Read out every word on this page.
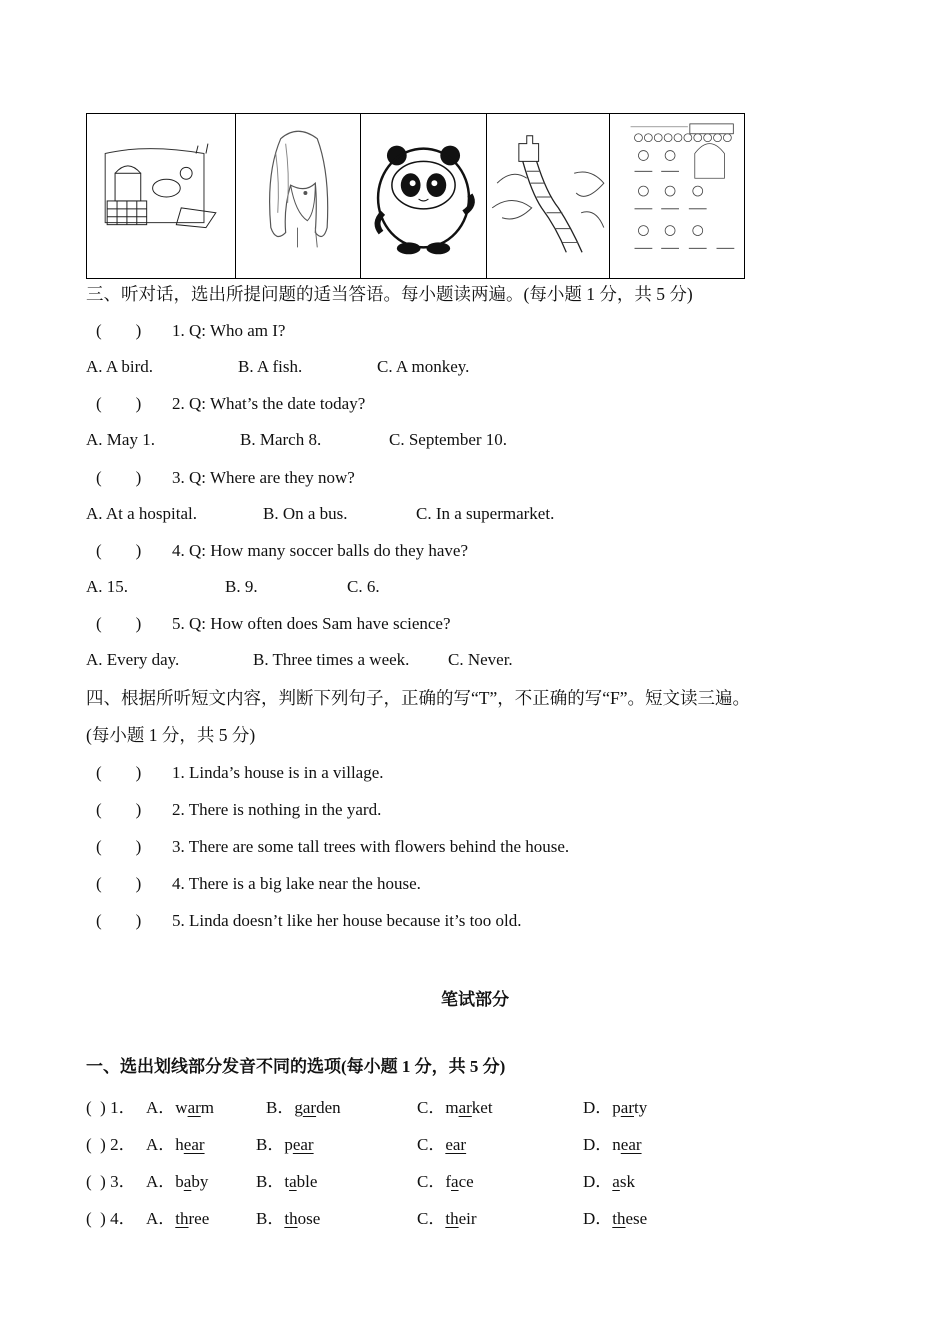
三、听对话，选出所提问题的适当答语。每小题读两遍。(每小题 1 分，共 5 分)
(        ) 1. Q: Who am I?
A. A bird.	B. A fish.	C. A monkey.
(        ) 2. Q: What’s the date today?
A. May 1.	B. March 8.	C. September 10.
(        ) 3. Q: Where are they now?
A. At a hospital.	B. On a bus.	C. In a supermarket.
(        ) 4. Q: How many soccer balls do they have?
A. 15.	B. 9.	C. 6.
(        ) 5. Q: How often does Sam have science?
A. Every day.	B. Three times a week. C. Never.
四、根据所听短文内容，判断下列句子，正确的写“T”，不正确的写“F”。短文读三遍。
(每小题 1 分，共 5 分)
(        ) 1. Linda’s house is in a village.
(        ) 2. There is nothing in the yard.
(        ) 3. There are some tall trees with flowers behind the house.
(        ) 4. There is a big lake near the house.
(        ) 5. Linda doesn’t like her house because it’s too old.
笔试部分
一、选出划线部分发音不同的选项(每小题 1 分，共 5 分)
(  ) 1． A．warm	B．garden	C．market	D．party
(  ) 2． A．hear	B．pear	C．ear	D．near
(  ) 3． A．baby	B．table	C．face	D．ask
(  ) 4． A．three	B．those	C．their	D．these
